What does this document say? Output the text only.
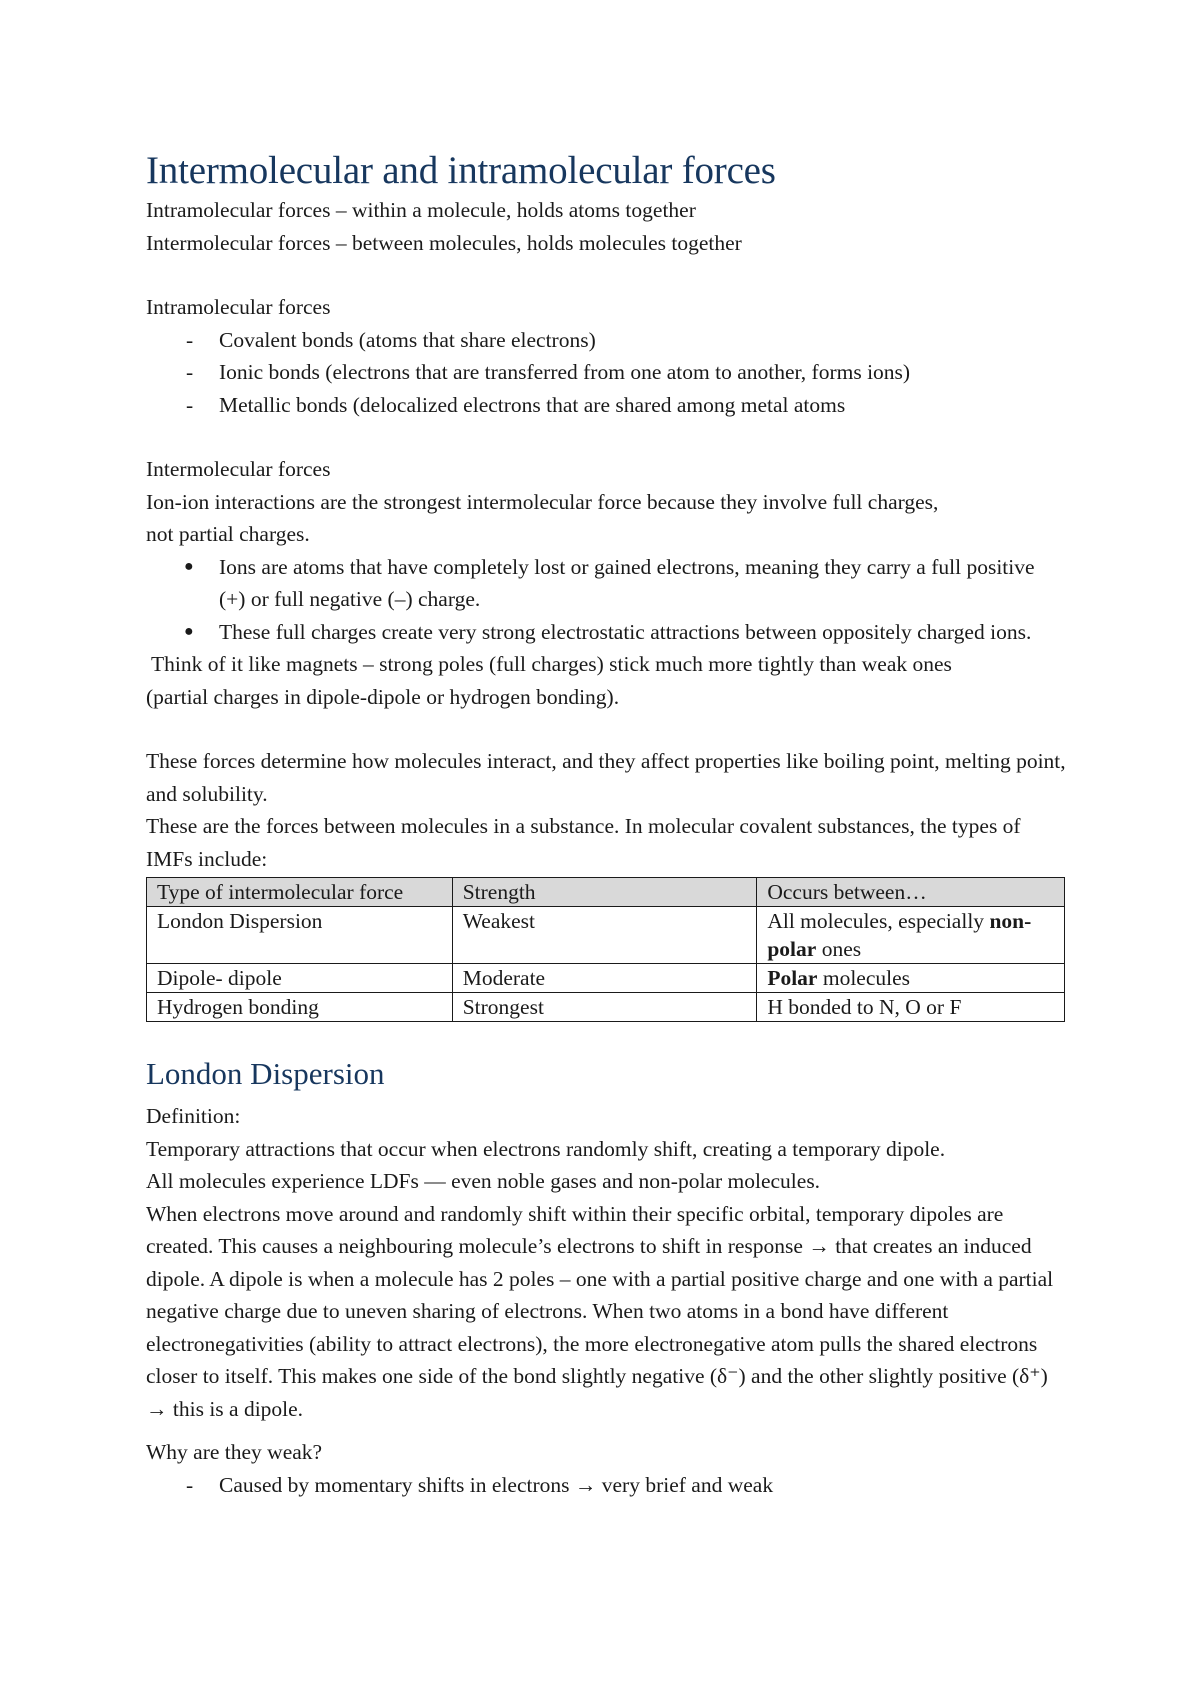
Intermolecular and intramolecular forces

Intramolecular forces – within a molecule, holds atoms together

Intermolecular forces – between molecules, holds molecules together

Intramolecular forces

- Covalent bonds (atoms that share electrons)
- Ionic bonds (electrons that are transferred from one atom to another, forms ions)
- Metallic bonds (delocalized electrons that are shared among metal atoms

Intermolecular forces

Ion-ion interactions are the strongest intermolecular force because they involve full charges,

not partial charges.

● Ions are atoms that have completely lost or gained electrons, meaning they carry a full positive (+) or full negative (–) charge.
● These full charges create very strong electrostatic attractions between oppositely charged ions.

Think of it like magnets – strong poles (full charges) stick much more tightly than weak ones

(partial charges in dipole-dipole or hydrogen bonding).

These forces determine how molecules interact, and they affect properties like boiling point, melting point, and solubility.

These are the forces between molecules in a substance. In molecular covalent substances, the types of IMFs include:

Type of intermolecular force	Strength	Occurs between…
London Dispersion	Weakest	All molecules, especially non-polar ones
Dipole- dipole	Moderate	Polar molecules
Hydrogen bonding	Strongest	H bonded to N, O or F
London Dispersion

Definition:

Temporary attractions that occur when electrons randomly shift, creating a temporary dipole.

All molecules experience LDFs — even noble gases and non-polar molecules.

When electrons move around and randomly shift within their specific orbital, temporary dipoles are created. This causes a neighbouring molecule’s electrons to shift in response → that creates an induced dipole. A dipole is when a molecule has 2 poles – one with a partial positive charge and one with a partial negative charge due to uneven sharing of electrons. When two atoms in a bond have different electronegativities (ability to attract electrons), the more electronegative atom pulls the shared electrons closer to itself. This makes one side of the bond slightly negative (δ⁻) and the other slightly positive (δ⁺) → this is a dipole.

Why are they weak?

- Caused by momentary shifts in electrons → very brief and weak
